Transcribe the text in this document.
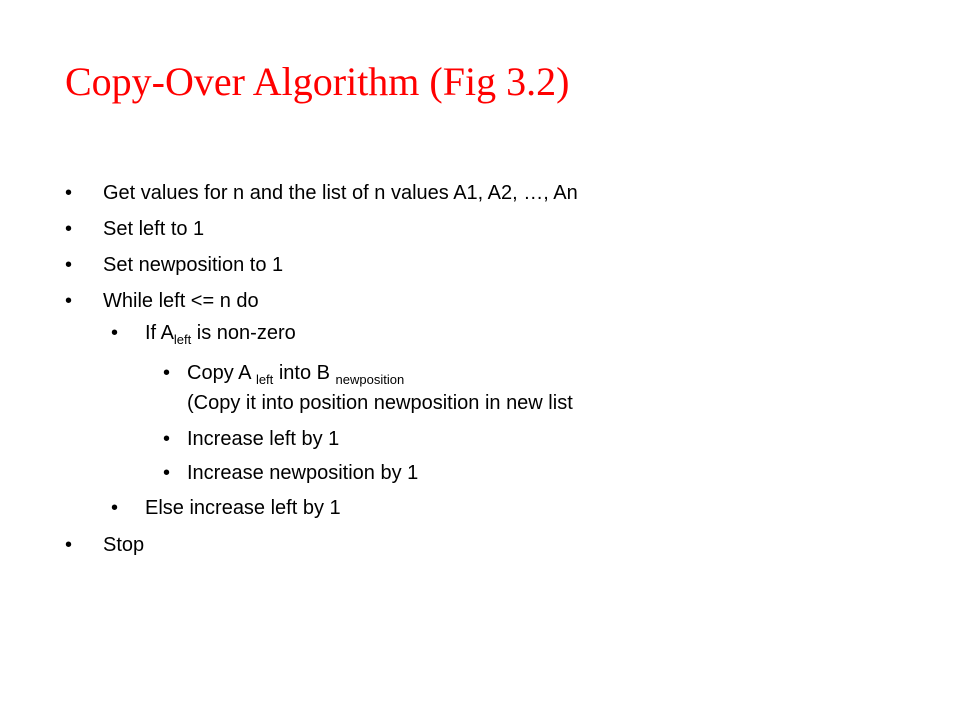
Copy-Over Algorithm (Fig 3.2)
• Get values for n and the list of n values A1, A2, …, An
• Set left to 1
• Set newposition to 1
• While left <= n do
• If $A_{left}$ is non-zero
• Copy A $_{left}$ into B $_{newposition}$
(Copy it into position newposition in new list
• Increase left by 1
• Increase newposition by 1
• Else increase left by 1
• Stop
